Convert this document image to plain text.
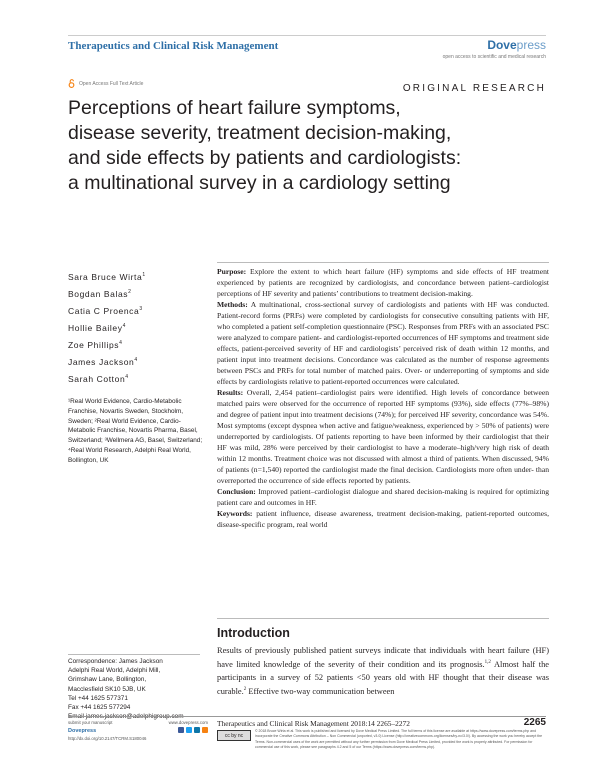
Therapeutics and Clinical Risk Management	Dovepress
open access to scientific and medical research
Open Access Full Text Article	ORIGINAL RESEARCH
Perceptions of heart failure symptoms,
disease severity, treatment decision-making,
and side effects by patients and cardiologists:
a multinational survey in a cardiology setting
Sara Bruce Wirta$^1$
Bogdan Balas$^2$
Catia C Proenca$^3$
Hollie Bailey$^4$
Zoe Phillips$^4$
James Jackson$^4$
Sarah Cotton$^4$
¹Real World Evidence, Cardio-Metabolic Franchise, Novartis Sweden, Stockholm, Sweden; ²Real World Evidence, Cardio-Metabolic Franchise, Novartis Pharma, Basel, Switzerland; ³Wellmera AG, Basel, Switzerland; ⁴Real World Research, Adelphi Real World, Bollington, UK

Purpose: Explore the extent to which heart failure (HF) symptoms and side effects of HF treatment experienced by patients are recognized by cardiologists, and concordance between patient–cardiologist perceptions of HF severity and patients’ contributions to treatment decision-making.

Methods: A multinational, cross-sectional survey of cardiologists and patients with HF was conducted. Patient-record forms (PRFs) were completed by cardiologists for consecutive consulting patients with HF, who completed a patient self-completion questionnaire (PSC). Responses from PRFs with an associated PSC were analyzed to compare patient- and cardiologist-reported occurrences of HF symptoms and treatment side effects, patient-perceived severity of HF and cardiologists’ perceived risk of death within 12 months, and patient input into treatment decisions. Concordance was calculated as the number of response agreements between PSCs and PRFs for total number of matched pairs. Over- or underreporting of symptoms and side effects by cardiologists relative to patient-reported occurrences were calculated.

Results: Overall, 2,454 patient–cardiologist pairs were identified. High levels of concordance between matched pairs were observed for the occurrence of reported HF symptoms (93%), side effects (77%–98%) and degree of patient input into treatment decisions (74%); for perceived HF severity, concordance was 54%. Most symptoms (except dyspnea when active and fatigue/weakness, experienced by > 50% of patients) were underreported by cardiologists. Of patients reporting to have been informed by their cardiologist that their HF was mild, 28% were perceived by their cardiologist to have a moderate–high/very high risk of death within 12 months. Treatment choice was not discussed with almost a third of patients. When discussed, 94% of patients (n=1,540) reported the cardiologist made the final decision. Cardiologists more often under- than overreported the occurrence of side effects reported by patients.

Conclusion: Improved patient–cardiologist dialogue and shared decision-making is required for optimizing patient care and outcomes in HF.

Keywords: patient influence, disease awareness, treatment decision-making, patient-reported outcomes, disease-specific program, real world

Correspondence: James Jackson
Adelphi Real World, Adelphi Mill,
Grimshaw Lane, Bollington,
Macclesfield SK10 5JB, UK
Tel +44 1625 577371
Fax +44 1625 577294
Email james.jackson@adelphigroup.com
Introduction
Results of previously published patient surveys indicate that individuals with heart failure (HF) have limited knowledge of the severity of their condition and its prognosis.$^{1,2}$ Almost half the participants in a survey of 52 patients <50 years old with HF thought that their disease was curable.$^2$ Effective two-way communication between
submit your manuscript	www.dovepress.com
Dovepress
http://dx.doi.org/10.2147/TCRM.S180046
Therapeutics and Clinical Risk Management 2018:14 2265–2272	2265
cc by nc
© 2018 Bruce Wirta et al. This work is published and licensed by Dove Medical Press Limited. The full terms of this license are available at https://www.dovepress.com/terms.php and incorporate the Creative Commons Attribution – Non Commercial (unported, v3.0) License (http://creativecommons.org/licenses/by-nc/3.0/). By accessing the work you hereby accept the Terms. Non-commercial uses of the work are permitted without any further permission from Dove Medical Press Limited, provided the work is properly attributed. For permission for commercial use of this work, please see paragraphs 4.2 and 5 of our Terms (https://www.dovepress.com/terms.php).
